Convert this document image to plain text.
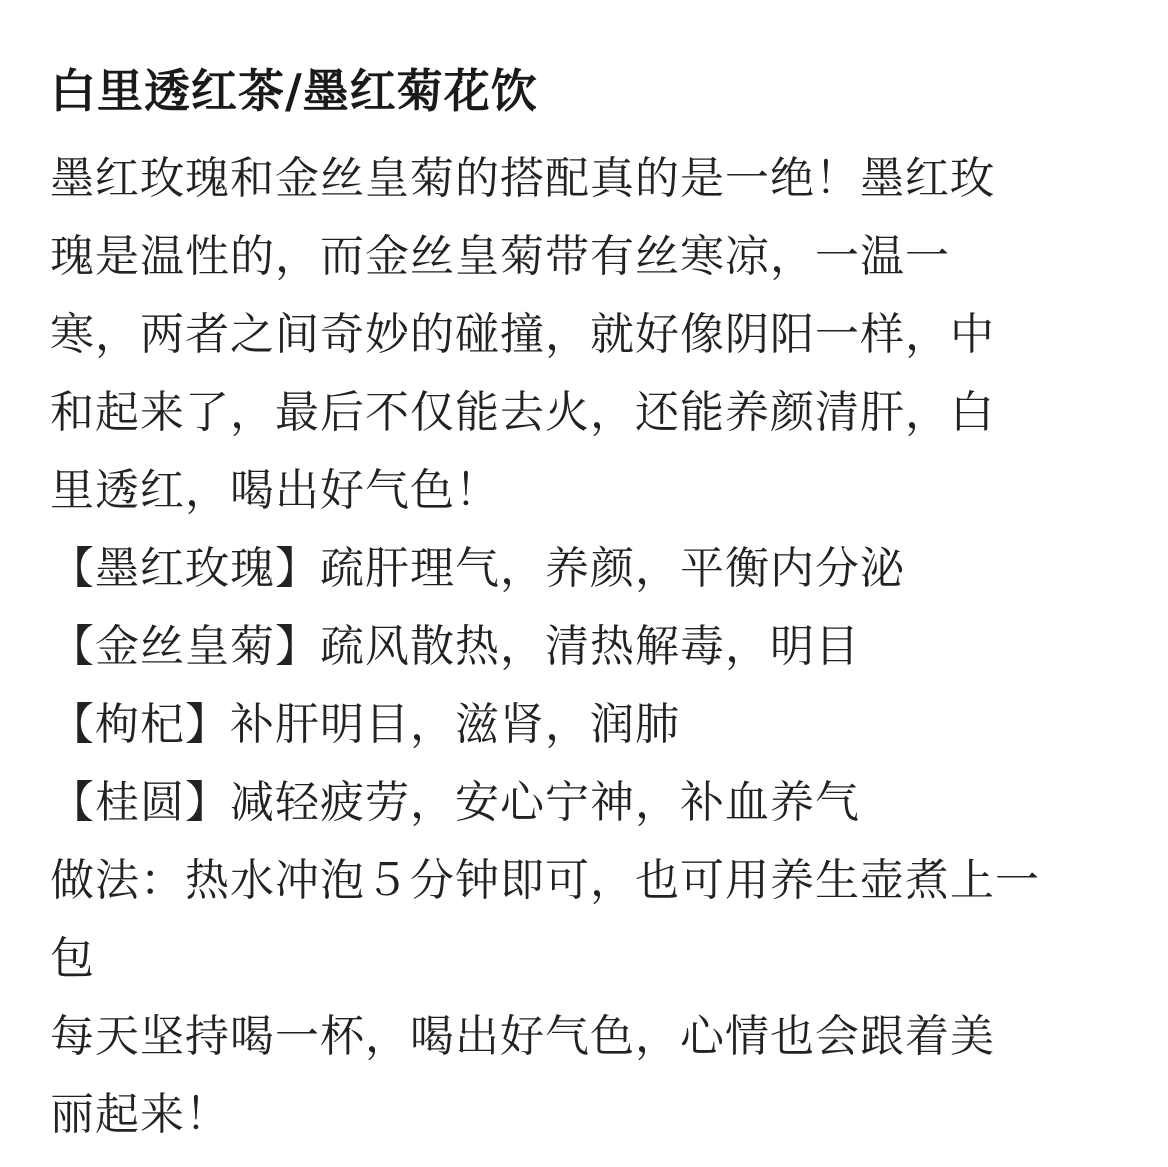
白里透红茶/墨红菊花饮
墨红玫瑰和金丝皇菊的搭配真的是一绝！墨红玫
瑰是温性的，而金丝皇菊带有丝寒凉，一温一
寒，两者之间奇妙的碰撞，就好像阴阳一样，中
和起来了，最后不仅能去火，还能养颜清肝，白
里透红，喝出好气色！
【墨红玫瑰】疏肝理气，养颜，平衡内分泌
【金丝皇菊】疏风散热，清热解毒，明目
【枸杞】补肝明目，滋肾，润肺
【桂圆】减轻疲劳，安心宁神，补血养气
做法：热水冲泡５分钟即可，也可用养生壶煮上一
包
每天坚持喝一杯，喝出好气色，心情也会跟着美
丽起来！
